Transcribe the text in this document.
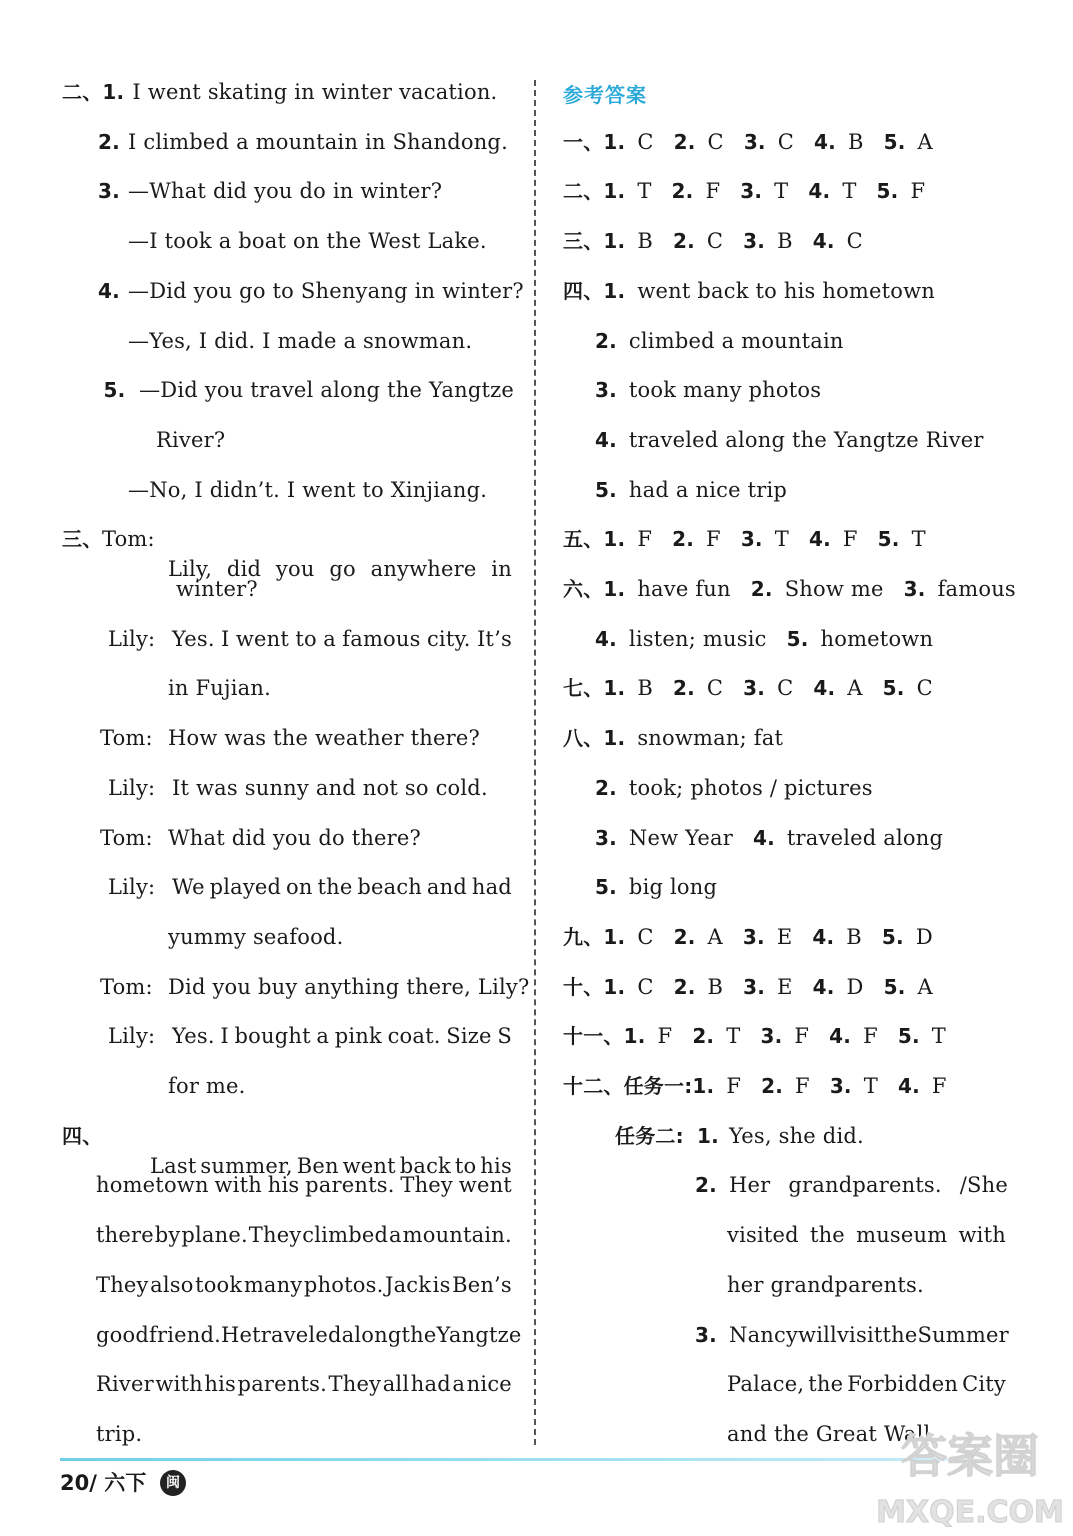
二、1. I went skating in winter vacation.
2. I climbed a mountain in Shandong.
3. —What did you do in winter?
—I took a boat on the West Lake.
4. —Did you go to Shenyang in winter?
—Yes, I did. I made a snowman.
5. —Did you travel along the Yangtze
River?
—No, I didn’t. I went to Xinjiang.
三、 Tom:
Lily, did you go anywhere in
winter?
Lily: Yes. I went to a famous city. It’s
in Fujian.
Tom: How was the weather there?
Lily: It was sunny and not so cold.
Tom: What did you do there?
Lily: We played on the beach and had
yummy seafood.
Tom: Did you buy anything there, Lily?
Lily: Yes. I bought a pink coat. Size S
for me.
四、
Last summer, Ben went back to his
hometown with his parents. They went
there by plane. They climbed a mountain.
They also took many photos. Jack is Ben’s
good friend. He traveled along the Yangtze
River with his parents. They all had a nice
trip.
参考答案
一、1. C 2. C 3. C 4. B 5. A
二、1. T 2. F 3. T 4. T 5. F
三、1. B 2. C 3. B 4. C
四、1. went back to his hometown
2. climbed a mountain
3. took many photos
4. traveled along the Yangtze River
5. had a nice trip
五、1. F 2. F 3. T 4. F 5. T
六、1. have fun 2. Show me 3. famous
4. listen; music 5. hometown
七、1. B 2. C 3. C 4. A 5. C
八、1. snowman; fat
2. took; photos / pictures
3. New Year 4. traveled along
5. big long
九、1. C 2. A 3. E 4. B 5. D
十、1. C 2. B 3. E 4. D 5. A
十一、1. F 2. T 3. F 4. F 5. T
十二、任务一:1. F 2. F 3. T 4. F
任务二: 1. Yes, she did.
2. Her grandparents. /She
visited the museum with
her grandparents.
3. Nancy will visit the Summer
Palace, the Forbidden City
and the Great Wall.
20/ 六下	闽	答案圈
MXQE.COM
